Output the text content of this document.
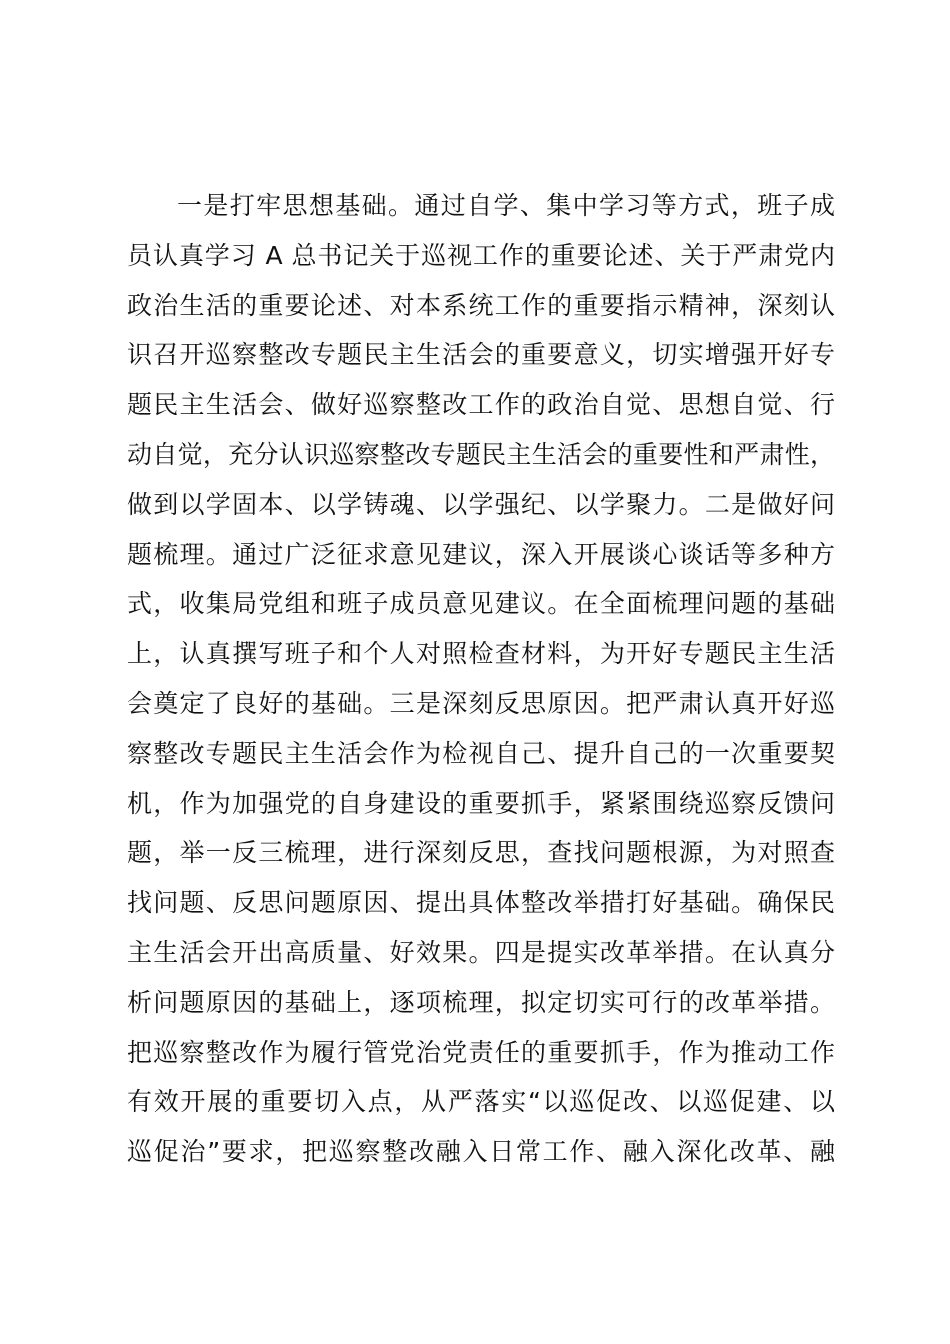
一是打牢思想基础。通过自学、集中学习等方式，班子成
员认真学习 A 总书记关于巡视工作的重要论述、关于严肃党内
政治生活的重要论述、对本系统工作的重要指示精神，深刻认
识召开巡察整改专题民主生活会的重要意义，切实增强开好专
题民主生活会、做好巡察整改工作的政治自觉、思想自觉、行
动自觉，充分认识巡察整改专题民主生活会的重要性和严肃性，
做到以学固本、以学铸魂、以学强纪、以学聚力。二是做好问
题梳理。通过广泛征求意见建议，深入开展谈心谈话等多种方
式，收集局党组和班子成员意见建议。在全面梳理问题的基础
上，认真撰写班子和个人对照检查材料，为开好专题民主生活
会奠定了良好的基础。三是深刻反思原因。把严肃认真开好巡
察整改专题民主生活会作为检视自己、提升自己的一次重要契
机，作为加强党的自身建设的重要抓手，紧紧围绕巡察反馈问
题，举一反三梳理，进行深刻反思，查找问题根源，为对照查
找问题、反思问题原因、提出具体整改举措打好基础。确保民
主生活会开出高质量、好效果。四是提实改革举措。在认真分
析问题原因的基础上，逐项梳理，拟定切实可行的改革举措。
把巡察整改作为履行管党治党责任的重要抓手，作为推动工作
有效开展的重要切入点，从严落实“以巡促改、以巡促建、以
巡促治”要求，把巡察整改融入日常工作、融入深化改革、融
